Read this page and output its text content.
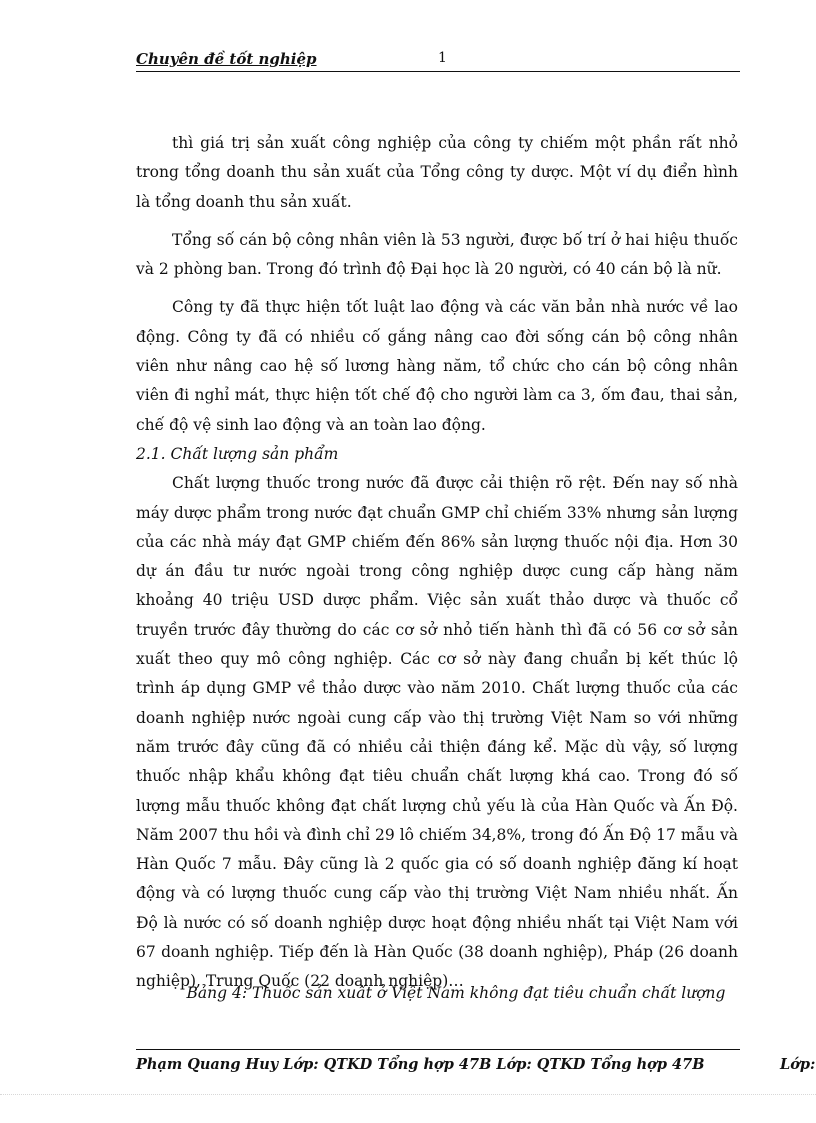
Chuyên đề tốt nghiệp	1

thì giá trị sản xuất công nghiệp của công ty chiếm một phần rất nhỏ trong tổng doanh thu sản xuất của Tổng công ty dược. Một ví dụ điển hình là tổng doanh thu sản xuất.

Tổng số cán bộ công nhân viên là 53 người, được bố trí ở hai hiệu thuốc và 2 phòng ban. Trong đó trình độ Đại học là 20 người, có 40 cán bộ là nữ.

Công ty đã thực hiện tốt luật lao động và các văn bản nhà nước về lao động. Công ty đã có nhiều cố gắng nâng cao đời sống cán bộ công nhân viên như nâng cao hệ số lương hàng năm, tổ chức cho cán bộ công nhân viên đi nghỉ mát, thực hiện tốt chế độ cho người làm ca 3, ốm đau, thai sản, chế độ vệ sinh lao động và an toàn lao động.

2.1. Chất lượng sản phẩm

Chất lượng thuốc trong nước đã được cải thiện rõ rệt. Đến nay số nhà máy dược phẩm trong nước đạt chuẩn GMP chỉ chiếm 33% nhưng sản lượng của các nhà máy đạt GMP chiếm đến 86% sản lượng thuốc nội địa. Hơn 30 dự án đầu tư nước ngoài trong công nghiệp dược cung cấp hàng năm khoảng 40 triệu USD dược phẩm. Việc sản xuất thảo dược và thuốc cổ truyền trước đây thường do các cơ sở nhỏ tiến hành thì đã có 56 cơ sở sản xuất theo quy mô công nghiệp. Các cơ sở này đang chuẩn bị kết thúc lộ trình áp dụng GMP về thảo dược vào năm 2010. Chất lượng thuốc của các doanh nghiệp nước ngoài cung cấp vào thị trường Việt Nam so với những năm trước đây cũng đã có nhiều cải thiện đáng kể. Mặc dù vậy, số lượng thuốc nhập khẩu không đạt tiêu chuẩn chất lượng khá cao. Trong đó số lượng mẫu thuốc không đạt chất lượng chủ yếu là của Hàn Quốc và Ấn Độ. Năm 2007 thu hồi và đình chỉ 29 lô chiếm 34,8%, trong đó Ấn Độ 17 mẫu và Hàn Quốc 7 mẫu. Đây cũng là 2 quốc gia có số doanh nghiệp đăng kí hoạt động và có lượng thuốc cung cấp vào thị trường Việt Nam nhiều nhất. Ấn Độ là nước có số doanh nghiệp dược hoạt động nhiều nhất tại Việt Nam với 67 doanh nghiệp. Tiếp đến là Hàn Quốc (38 doanh nghiệp), Pháp (26 doanh nghiệp), Trung Quốc (22 doanh nghiệp)…

Bảng 4: Thuốc sản xuất ở Việt Nam không đạt tiêu chuẩn chất lượng
Phạm Quang Huy Lớp: QTKD Tổng hợp 47B Lớp: QTKD Tổng hợp 47B	Lớp:
